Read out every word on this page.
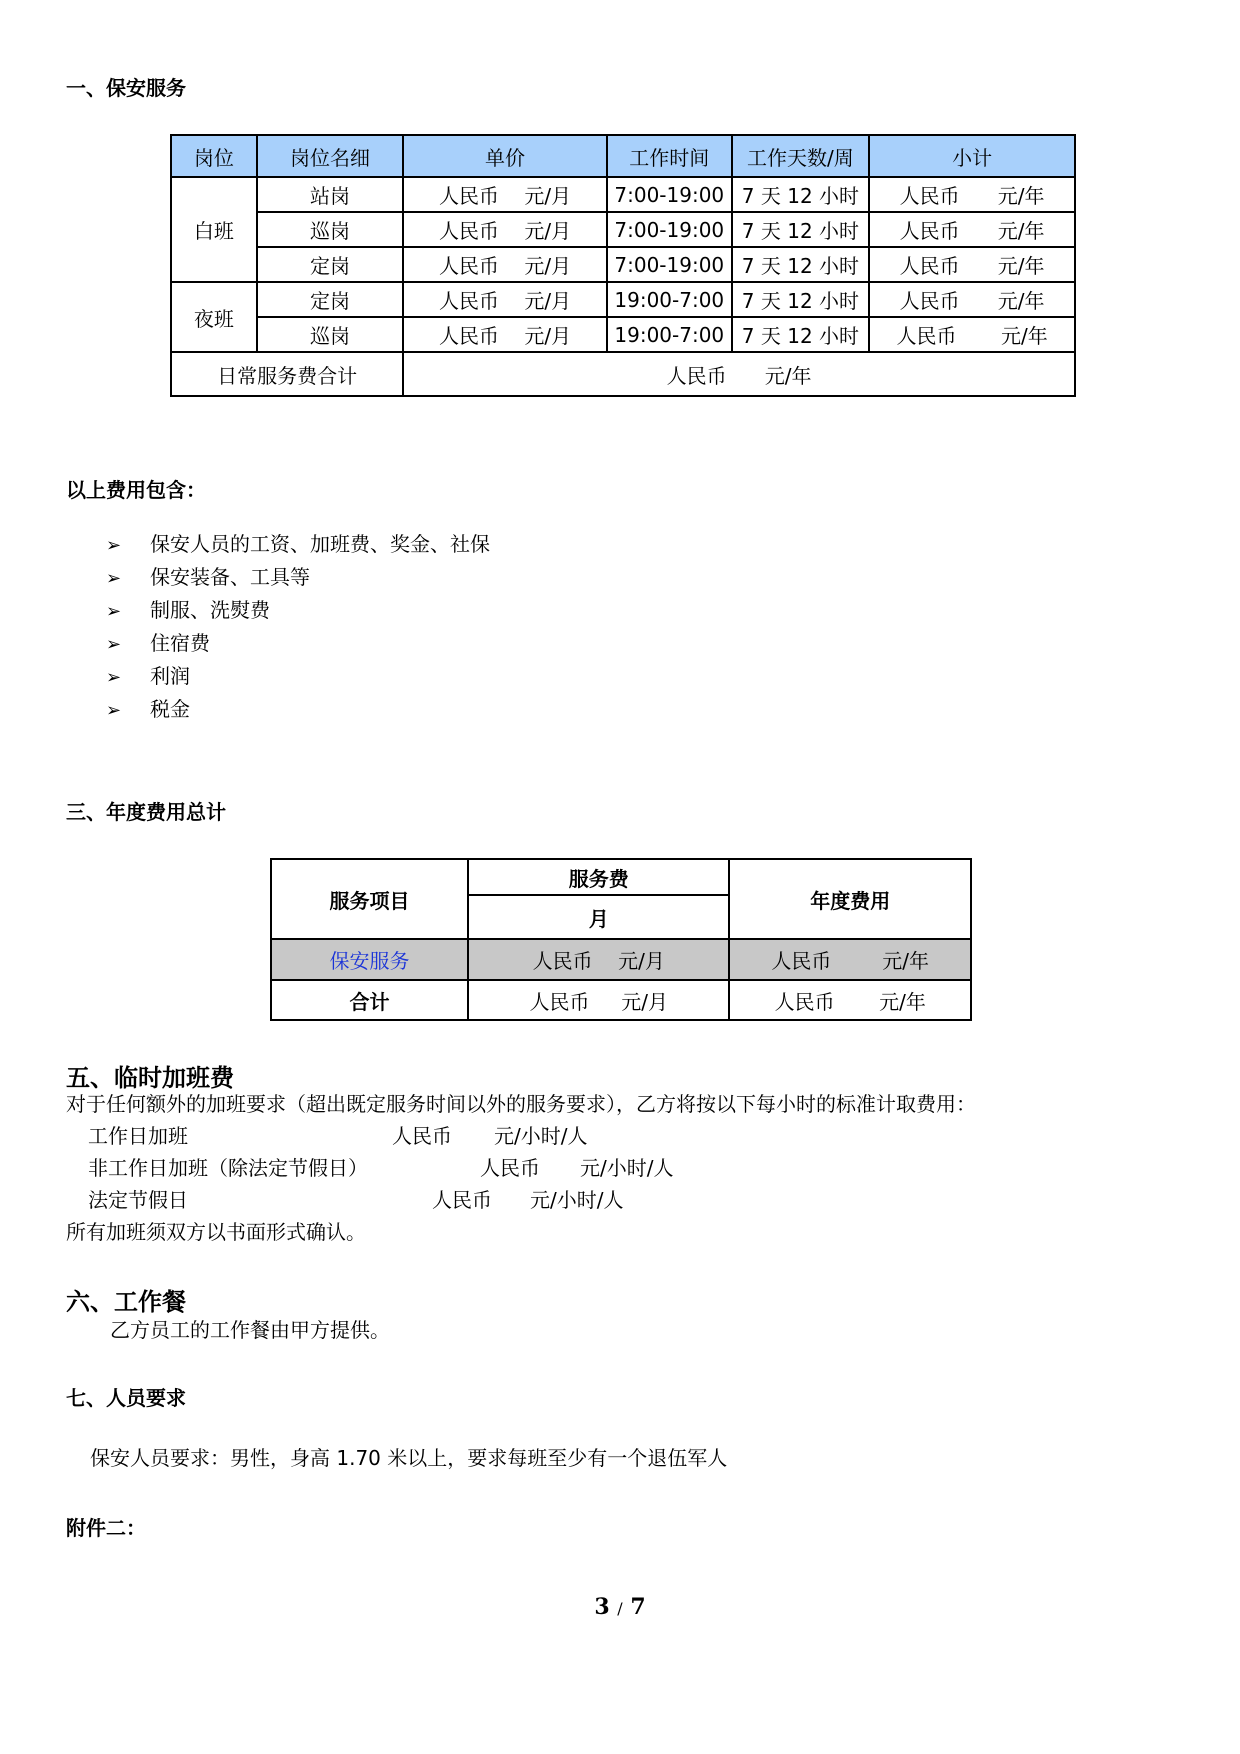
一、保安服务
岗位	岗位名细	单价	工作时间	工作天数/周	小计
白班	站岗	人民币    元/月	7:00-19:00	7 天 12 小时	人民币      元/年
	巡岗	人民币    元/月	7:00-19:00	7 天 12 小时	人民币      元/年
	定岗	人民币    元/月	7:00-19:00	7 天 12 小时	人民币      元/年
夜班	定岗	人民币    元/月	19:00-7:00	7 天 12 小时	人民币      元/年
	巡岗	人民币    元/月	19:00-7:00	7 天 12 小时	人民币       元/年
日常服务费合计		人民币      元/年			
以上费用包含：
➢ 保安人员的工资、加班费、奖金、社保
➢ 保安装备、工具等
➢ 制服、洗熨费
➢ 住宿费
➢ 利润
➢ 税金
三、年度费用总计
服务项目	服务费	年度费用
	月	
保安服务	人民币    元/月	人民币        元/年
合计	人民币     元/月	人民币       元/年
五、临时加班费
对于任何额外的加班要求（超出既定服务时间以外的服务要求），乙方将按以下每小时的标准计取费用：
工作日加班	人民币 元/小时/人
非工作日加班（除法定节假日）	人民币 元/小时/人
法定节假日	人民币 元/小时/人
所有加班须双方以书面形式确认。
六、工作餐
乙方员工的工作餐由甲方提供。
七、人员要求
保安人员要求：男性，身高 1.70 米以上，要求每班至少有一个退伍军人
附件二：
3 / 7
